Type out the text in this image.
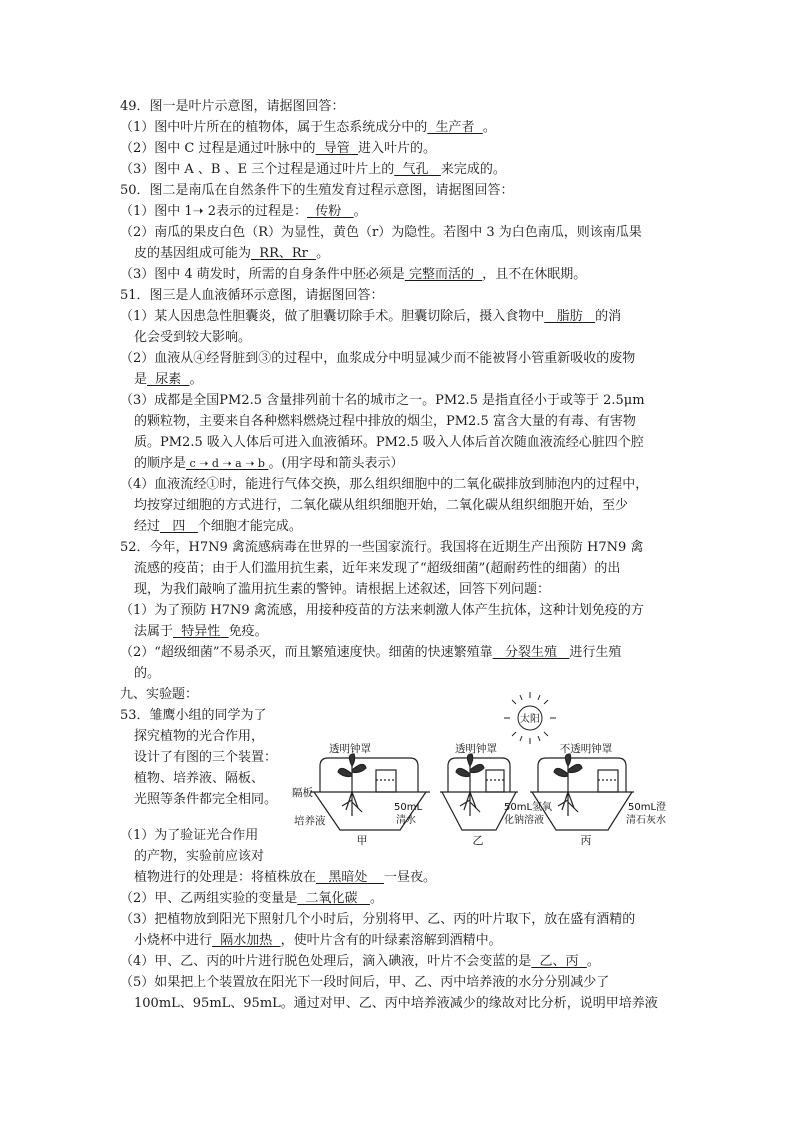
49．图一是叶片示意图，请据图回答：
（1）图中叶片所在的植物体，属于生态系统成分中的 生产者 。
（2）图中 C 过程是通过叶脉中的 导管 进入叶片的。
（3）图中 A 、B 、E 三个过程是通过叶片上的 气孔 来完成的。
50．图二是南瓜在自然条件下的生殖发育过程示意图，请据图回答：
（1）图中 1➝ 2表示的过程是： 传粉 。
（2）南瓜的果皮白色（R）为显性，黄色（r）为隐性。若图中 3 为白色南瓜，则该南瓜果
皮的基因组成可能为 RR、Rr 。
（3）图中 4 萌发时，所需的自身条件中胚必须是 完整而活的 ，且不在休眠期。
51．图三是人血液循环示意图，请据图回答：
（1）某人因患急性胆囊炎，做了胆囊切除手术。胆囊切除后，摄入食物中 脂肪 的消
化会受到较大影响。
（2）血液从④经肾脏到③的过程中，血浆成分中明显减少而不能被肾小管重新吸收的废物
是 尿素 。
（3）成都是全国PM2.5 含量排列前十名的城市之一。PM2.5 是指直径小于或等于 2.5μm
的颗粒物，主要来自各种燃料燃烧过程中排放的烟尘，PM2.5 富含大量的有毒、有害物
质。PM2.5 吸入人体后可进入血液循环。PM2.5 吸入人体后首次随血液流经心脏四个腔
的顺序是 c ➝ d ➝ a ➝ b 。(用字母和箭头表示）
（4）血液流经①时，能进行气体交换，那么组织细胞中的二氧化碳排放到肺泡内的过程中，
均按穿过细胞的方式进行，二氧化碳从组织细胞开始，二氧化碳从组织细胞开始，至少
经过 四 个细胞才能完成。
52．今年，H7N9 禽流感病毒在世界的一些国家流行。我国将在近期生产出预防 H7N9 禽
流感的疫苗；由于人们滥用抗生素，近年来发现了“超级细菌”(超耐药性的细菌）的出
现，为我们敲响了滥用抗生素的警钟。请根据上述叙述，回答下列问题：
（1）为了预防 H7N9 禽流感，用接种疫苗的方法来刺激人体产生抗体，这种计划免疫的方
法属于 特异性 免疫。
（2）“超级细菌”不易杀灭，而且繁殖速度快。细菌的快速繁殖靠 分裂生殖 进行生殖
的。
九、实验题：
53．雏鹰小组的同学为了
探究植物的光合作用，
设计了有图的三个装置：
植物、培养液、隔板、
光照等条件都完全相同。
（1）为了验证光合作用
的产物，实验前应该对
植物进行的处理是：将植株放在 黑暗处 一昼夜。
（2）甲、乙两组实验的变量是 二氧化碳 。
（3）把植物放到阳光下照射几个小时后，分别将甲、乙、丙的叶片取下，放在盛有酒精的
小烧杯中进行 隔水加热 ，使叶片含有的叶绿素溶解到酒精中。
（4）甲、乙、丙的叶片进行脱色处理后，滴入碘液，叶片不会变蓝的是 乙、丙 。
（5）如果把上个装置放在阳光下一段时间后，甲、乙、丙中培养液的水分分别减少了
100mL、95mL、95mL。通过对甲、乙、丙中培养液减少的缘故对比分析，说明甲培养液
太阳
透明钟罩	透明钟罩	不透明钟罩
隔板
培养液
50mL
清水
50mL氢氧
化钠溶液
50mL澄
清石灰水
甲	乙	丙
